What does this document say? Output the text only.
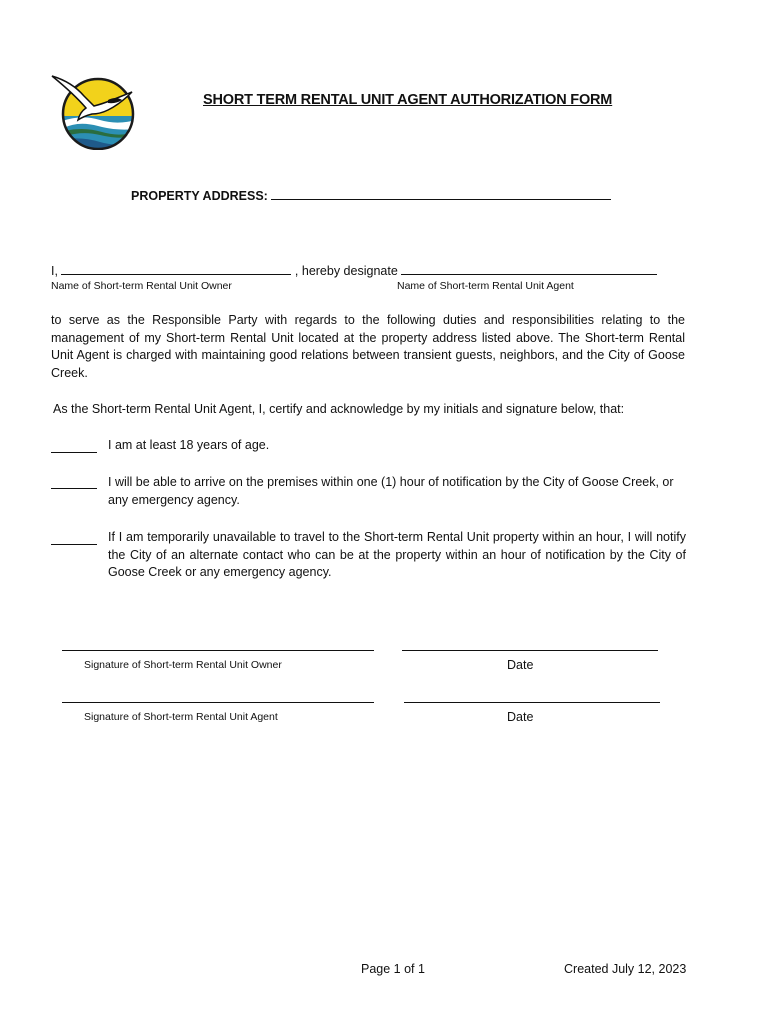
SHORT TERM RENTAL UNIT AGENT AUTHORIZATION FORM
PROPERTY ADDRESS:
I,	, hereby designate
Name of Short-term Rental Unit Owner	Name of Short-term Rental Unit Agent
to serve as the Responsible Party with regards to the following duties and responsibilities relating to the management of my Short-term Rental Unit located at the property address listed above. The Short-term Rental Unit Agent is charged with maintaining good relations between transient guests, neighbors, and the City of Goose Creek.
As the Short-term Rental Unit Agent, I, certify and acknowledge by my initials and signature below, that:
I am at least 18 years of age.
I will be able to arrive on the premises within one (1) hour of notification by the City of Goose Creek, or any emergency agency.
If I am temporarily unavailable to travel to the Short-term Rental Unit property within an hour, I will notify the City of an alternate contact who can be at the property within an hour of notification by the City of Goose Creek or any emergency agency.
Signature of Short-term Rental Unit Owner	Date
Signature of Short-term Rental Unit Agent	Date
Page 1 of 1	Created July 12, 2023
